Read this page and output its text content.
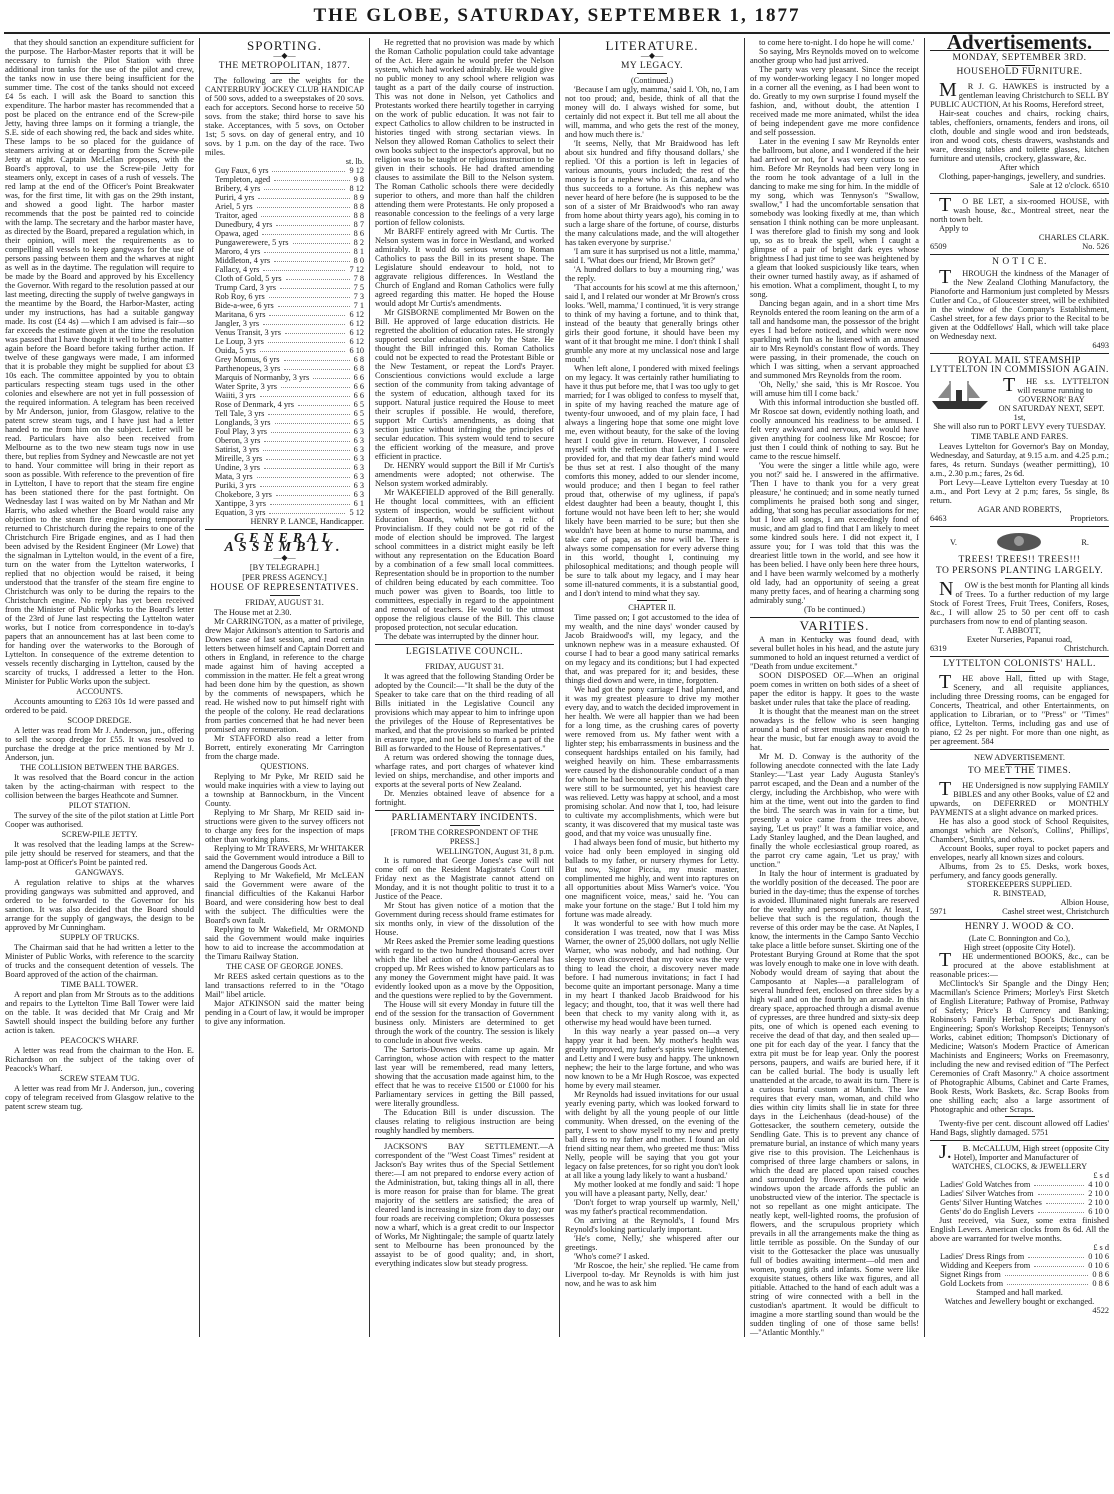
THE GLOBE, SATURDAY, SEPTEMBER 1, 1877
that they should sanction an expenditure sufficient for the purpose. The Harbor-Master reports that it will be necessary to furnish the Pilot Station with three additional iron tanks for the use of the pilot and crew, the tanks now in use there being insufficient for the summer time. The cost of the tanks should not exceed £4 5s each. I will ask the Board to sanction this expenditure. The harbor master has recommended that a post be placed on the entrance end of the Screw-pile Jetty, having three lamps on it forming a triangle, the S.E. side of each showing red, the back and sides white. These lamps to be so placed for the guidance of steamers arriving at or departing from the Screw-pile Jetty at night. Captain McLellan proposes, with the Board's approval, to use the Screw-pile Jetty for steamers only, except in cases of a rush of vessels. The red lamp at the end of the Officer's Point Breakwater was, for the first time, lit with gas on the 29th instant, and showed a good light. The harbor master recommends that the post be painted red to coincide with the lamp. The secretary and the harbor master have, as directed by the Board, prepared a regulation which, in their opinion, will meet the requirements as to compelling all vessels to keep gangways for the use of persons passing between them and the wharves at night as well as in the daytime. The regulation will require to be made by the Board and approved by his Excellency the Governor. With regard to the resolution passed at our last meeting, directing the supply of twelve gangways in the meantime by the Board, the Harbor-Master, acting under my instructions, has had a suitable gangway made. Its cost (£4 4s) —which I am advised is fair—so far exceeds the estimate given at the time the resolution was passed that I have thought it well to bring the matter again before the Board before taking further action. If twelve of these gangways were made, I am informed that it is probable they might be supplied for about £3 10s each. The committee appointed by you to obtain particulars respecting steam tugs used in the other colonies and elsewhere are not yet in full possession of the required information. A telegram has been received by Mr Anderson, junior, from Glasgow, relative to the patent screw steam tugs, and I have just had a letter handed to me from him on the subject. Letter will be read. Particulars have also been received from Melbourne as to the two new steam tugs now in use there, but replies from Sydney and Newcastle are not yet to hand. Your committee will bring in their report as soon as possible. With reference to the prevention of fire in Lyttelton, I have to report that the steam fire engine has been stationed there for the past fortnight. On Wednesday last I was waited on by Mr Nathan and Mr Harris, who asked whether the Board would raise any objection to the steam fire engine being temporarily returned to Christchurch during the repairs to one of the Christchurch Fire Brigade engines, and as I had then been advised by the Resident Engineer (Mr Lowe) that the signalman in Lyttelton would, in the event of a fire, turn on the water from the Lyttelton waterworks, I replied that no objection would be raised, it being understood that the transfer of the steam fire engine to Christchurch was only to be during the repairs to the Christchurch engine. No reply has yet been received from the Minister of Public Works to the Board's letter of the 23rd of June last respecting the Lyttelton water works, but I notice from correspondence in to-day's papers that an announcement has at last been come to for handing over the waterworks to the Borough of Lyttelton. In consequence of the extreme detention to vessels recently discharging in Lyttelton, caused by the scarcity of trucks, I addressed a letter to the Hon. Minister for Public Works upon the subject.
ACCOUNTS.
Accounts amounting to £263 10s 1d were passed and ordered to be paid.
SCOOP DREDGE.
A letter was read from Mr J. Anderson, jun., offering to sell the scoop dredge for £55. It was resolved to purchase the dredge at the price mentioned by Mr J. Anderson, jun.
THE COLLISION BETWEEN THE BARGES.
It was resolved that the Board concur in the action taken by the acting-chairman with respect to the collision between the barges Heathcote and Sumner.
PILOT STATION.
The survey of the site of the pilot station at Little Port Cooper was authorised.
SCREW-PILE JETTY.
It was resolved that the leading lamps at the Screw-pile jetty should be reserved for steamers, and that the lamp-post at Officer's Point be painted red.
GANGWAYS.
A regulation relative to ships at the wharves providing gangways was submitted and approved, and ordered to be forwarded to the Governor for his sanction. It was also decided that the Board should arrange for the supply of gangways, the design to be approved by Mr Cunningham.
SUPPLY OF TRUCKS.
The Chairman said that he had written a letter to the Minister of Public Works, with reference to the scarcity of trucks and the consequent detention of vessels. The Board approved of the action of the chairman.
TIME BALL TOWER.
A report and plan from Mr Strouts as to the additions and repairs to the Lyttelton Time Ball Tower were laid on the table. It was decided that Mr Craig and Mr Sawtell should inspect the building before any further action is taken.
PEACOCK'S WHARF.
A letter was read from the chairman to the Hon. E. Richardson on the subject of the taking over of Peacock's Wharf.
SCREW STEAM TUG.
A letter was read from Mr J. Anderson, jun., covering copy of telegram received from Glasgow relative to the patent screw steam tug.
SPORTING.
—◆—
THE METROPOLITAN, 1877.
The following are the weights for the CANTERBURY JOCKEY CLUB HANDICAP of 500 sovs, added to a sweepstakes of 20 sovs. each for acceptors. Second horse to receive 50 sovs. from the stake; third horse to save his stake. Acceptances, with 5 sovs, on October 1st; 5 sovs. on day of general entry, and 10 sovs. by 1 p.m. on the day of the race. Two miles.
st. lb.
Guy Faux, 6 yrs	9 12
Templeton, aged	9 8
Bribery, 4 yrs	8 12
Puriri, 4 yrs	8 9
Ariel, 5 yrs	8 8
Traitor, aged	8 8
Dunedbury, 4 yrs	8 7
Opawa, aged	8 6
Pungawerewere, 5 yrs	8 2
Maroro, 4 yrs	8 1
Middleton, 4 yrs	8 0
Fallacy, 4 yrs	7 12
Cloth of Gold, 5 yrs	7 8
Trump Card, 3 yrs	7 5
Rob Roy, 6 yrs	7 3
Bide-a-wee, 6 yrs	7 1
Maritana, 6 yrs	6 12
Jangler, 3 yrs	6 12
Venus Transit, 3 yrs	6 12
Le Loup, 3 yrs	6 12
Ouida, 5 yrs	6 10
Grey Momus, 6 yrs	6 8
Parthenopeus, 3 yrs	6 8
Marquis of Normanby, 3 yrs	6 6
Water Sprite, 3 yrs	6 6
Waiiti, 3 yrs	6 6
Rose of Denmark, 4 yrs	6 5
Tell Tale, 3 yrs	6 5
Longlands, 3 yrs	6 5
Foul Play, 3 yrs	6 3
Oberon, 3 yrs	6 3
Satirist, 3 yrs	6 3
Mireille, 3 yrs	6 3
Undine, 3 yrs	6 3
Mata, 3 yrs	6 3
Puriki, 3 yrs	6 3
Chokebore, 3 yrs	6 3
Xantippe, 3 yrs	6 1
Equation, 3 yrs	5 12
HENRY P. LANCE, Handicapper.
GENERAL ASSEMBLY.
—◆—
[BY TELEGRAPH.]
[PER PRESS AGENCY.]
HOUSE OF REPRESENTATIVES.
FRIDAY, AUGUST 31.
The House met at 2.30.
Mr CARRINGTON, as a matter of privilege, drew Major Atkinson's attention to Sartoris and Downes case of last session, and read certain letters between himself and Captain Dorrett and others in England, in reference to the charge made against him of having accepted a commission in the matter. He felt a great wrong had been done him by the question, as shown by the comments of newspapers, which he read. He wished now to put himself right with the people of the colony. He read declarations from parties concerned that he had never been promised any remuneration.
Mr STAFFORD also read a letter from Borrett, entirely exonerating Mr Carrington from the charge made.
QUESTIONS.
Replying to Mr Pyke, Mr REID said he would make inquiries with a view to laying out a township at Bannockburn, in the Vincent County.
Replying to Mr Sharp, Mr REID said in-structions were given to the survey officers not to charge any fees for the inspection of maps other than working plans.
Replying to Mr TRAVERS, Mr WHITAKER said the Government would introduce a Bill to amend the Dangerous Goods Act.
Replying to Mr Wakefield, Mr McLEAN said the Government were aware of the financial difficulties of the Kakanui Harbor Board, and were considering how best to deal with the subject. The difficulties were the Board's own fault.
Replying to Mr Wakefield, Mr ORMOND said the Government would make inquiries how to aid to increase the accommodation at the Timaru Railway Station.
THE CASE OF GEORGE JONES.
Mr REES asked certain questions as to the land transactions referred to in the "Otago Mail" libel article.
Major ATKINSON said the matter being pending in a Court of law, it would be improper to give any information.
He regretted that no provision was made by which the Roman Catholic population could take advantage of the Act. Here again he would prefer the Nelson system, which had worked admirably. He would give no public money to any school where religion was taught as a part of the daily course of instruction. This was not done in Nelson, yet Catholics and Protestants worked there heartily together in carrying on the work of public education. It was not fair to expect Catholics to allow children to be instructed in histories tinged with strong sectarian views. In Nelson they allowed Roman Catholics to select their own books subject to the inspector's approval, but no religion was to be taught or religious instruction to be given in their schools. He had drafted amending clauses to assimilate the Bill to the Nelson system. The Roman Catholic schools there were decidedly superior to others, and more than half the children attending them were Protestants. He only proposed a reasonable concession to the feelings of a very large portion of fellow colonists.
Mr BARFF entirely agreed with Mr Curtis. The Nelson system was in force in Westland, and worked admirably. It would do serious wrong to Roman Catholics to pass the Bill in its present shape. The Legislature should endeavour to hold, not to aggravate religious differences. In Westland the Church of England and Roman Catholics were fully agreed regarding this matter. He hoped the House would adopt Mr Curtis's amendments.
Mr GISBORNE complimented Mr Bowen on the Bill. He approved of large education districts. He regretted the abolition of education rates. He strongly supported secular education only by the State. He thought the Bill infringed this. Roman Catholics could not be expected to read the Protestant Bible or the New Testament, or repeat the Lord's Prayer. Conscientious convictions would exclude a large section of the community from taking advantage of the system of education, although taxed for its support. Natural justice required the House to meet their scruples if possible. He would, therefore, support Mr Curtis's amendments, as doing that section justice without infringing the principles of secular education. This system would tend to secure the efficient working of the measure, and prove efficient in practice.
Dr. HENRY would support the Bill if Mr Curtis's amendments were adopted; not otherwise. The Nelson system worked admirably.
Mr WAKEFIELD approved of the Bill generally. He thought local committees, with an efficient system of inspection, would be sufficient without Education Boards, which were a relic of Provincialism. If they could not be got rid of the mode of election should be improved. The largest school committees in a district might easily be left without any representation on the Education Board by a combination of a few small local committees. Representation should be in proportion to the number of children being educated by each committee. Too much power was given to Boards, too little to committees, especially in regard to the appointment and removal of teachers. He would to the utmost oppose the religious clause of the Bill. This clause proposed protection, not secular education.
The debate was interrupted by the dinner hour.
LEGISLATIVE COUNCIL.
FRIDAY, AUGUST 31.
It was agreed that the following Standing Order be adopted by the Council:—"It shall be the duty of the Speaker to take care that on the third reading of all Bills initiated in the Legislative Council any provisions which may appear to him to infringe upon the privileges of the House of Representatives be marked, and that the provisions so marked be printed in erasure type, and not be held to form a part of the Bill as forwarded to the House of Representatives."
A return was ordered showing the tonnage dues, wharfage rates, and port charges of whatever kind levied on ships, merchandise, and other imports and exports at the several ports of New Zealand.
Dr. Menzies obtained leave of absence for a fortnight.
PARLIAMENTARY INCIDENTS.
[FROM THE CORRESPONDENT OF THE PRESS.]
WELLINGTON, August 31, 8 p.m.
It is rumored that George Jones's case will not come off on the Resident Magistrate's Court till Friday next as the Magistrate cannot attend on Monday, and it is not thought politic to trust it to a Justice of the Peace.
Mr Stout has given notice of a motion that the Government during recess should frame estimates for six months only, in view of the dissolution of the House.
Mr Rees asked the Premier some leading questions with regard to the two hundred thousand acres over which the libel action of the Attorney-General has cropped up. Mr Rees wished to know particulars as to any money the Government might have paid. It was evidently looked upon as a move by the Opposition, and the questions were replied to by the Government.
The House will sit every Monday in future till the end of the session for the transaction of Government business only. Ministers are determined to get through the work of the country. The session is likely to conclude in about five weeks.
The Sartoris-Downes claim came up again. Mr Carrington, whose action with respect to the matter last year will be remembered, read many letters, showing that the accusation made against him, to the effect that he was to receive £1500 or £1000 for his Parliamentary services in getting the Bill passed, were literally groundless.
The Education Bill is under discussion. The clauses relating to religious instruction are being roughly handled by members.
JACKSON'S BAY SETTLEMENT.—A correspondent of the "West Coast Times" resident at Jackson's Bay writes thus of the Special Settlement there:—I am not prepared to endorse every action of the Administration, but, taking things all in all, there is more reason for praise than for blame. The great majority of the settlers are satisfied; the area of cleared land is increasing in size from day to day; our four roads are receiving completion; Okura possesses now a wharf, which is a great credit to our Inspector of Works, Mr Nightingale; the sample of quartz lately sent to Melbourne has been pronounced by the assayist to be of good quality; and, in short, everything indicates slow but steady progress.
LITERATURE.
—◆—
MY LEGACY.
(Continued.)
'Because I am ugly, mamma,' said I. 'Oh, no, I am not too proud; and, beside, think of all that the money will do. I always wished for some, but certainly did not expect it. But tell me all about the will, mamma, and who gets the rest of the money, and how much there is.'
'It seems, Nelly, that Mr Braidwood has left about six hundred and fifty thousand dollars,' she replied. 'Of this a portion is left in legacies of various amounts, yours included; the rest of the money is for a nephew who is in Canada, and who thus succeeds to a fortune. As this nephew was never heard of here before (he is supposed to be the son of a sister of Mr Braidwood's who ran away from home about thirty years ago), his coming in to such a large share of the fortune, of course, disturbs the many calculations made, and the will altogether has taken everyone by surprise.'
'I am sure it has surprised us not a little, mamma,' said I. 'What does our friend, Mr Brown get?'
'A hundred dollars to buy a mourning ring,' was the reply.
'That accounts for his scowl at me this afternoon,' said I, and I related our wonder at Mr Brown's cross looks. 'Well, mamma,' I continued, 'it is very strange to think of my having a fortune, and to think that, instead of the beauty that generally brings other girls their good fortune, it should have been my want of it that brought me mine. I don't think I shall grumble any more at my unclassical nose and large mouth.'
When left alone, I pondered with mixed feelings on my legacy. It was certainly rather humiliating to have it thus put before me, that I was too ugly to get married; for I was obliged to confess to myself that, in spite of my having reached the mature age of twenty-four unwooed, and of my plain face, I had always a lingering hope that some one might love me, even without beauty, for the sake of the loving heart I could give in return. However, I consoled myself with the reflection that Letty and I were provided for, and that my dear father's mind would be thus set at rest. I also thought of the many comforts this money, added to our slender income, would produce; and then I began to feel rather proud that, otherwise of my ugliness, if papa's eldest daughter had been a beauty, thought I, this fortune would not have been left to her; she would likely have been married to be sure; but then she wouldn't have been at home to nurse mamma, and take care of papa, as she now will be. There is always some compensation for every adverse thing in this world, thought I, continuing my philosophical meditations; and though people will be sure to talk about my legacy, and I may hear some ill-natured comments, it is a substantial good, and I don't intend to mind what they say.
CHAPTER II.
Time passed on; I got accustomed to the idea of my wealth, and the nine days' wonder caused by Jacob Braidwood's will, my legacy, and the unknown nephew was in a measure exhausted. Of course I had to bear a good many satirical remarks on my legacy and its conditions; but I had expected that, and was prepared for it; and besides, these things died down and were, in time, forgotten.
We had got the pony carriage I had planned, and it was my greatest pleasure to drive my mother every day, and to watch the decided improvement in her health. We were all happier than we had been for a long time, as the crushing cares of poverty were removed from us. My father went with a lighter step; his embarrassments in business and the consequent hardships entailed on his family, had weighed heavily on him. These embarrassments were caused by the dishonourable conduct of a man for whom he had become security; and though they were still to be surmounted, yet his heaviest care was relieved. Letty was happy at school, and a most promising scholar. And now that I, too, had leisure to cultivate my accomplishments, which were but scanty, it was discovered that my musical taste was good, and that my voice was unusually fine.
I had always been fond of music, but hitherto my voice had only been employed in singing old ballads to my father, or nursery rhymes for Letty. But now, Signor Piccia, my music master, complimented me highly, and went into raptures on all opportunities about Miss Warner's voice. 'You one magnificent voice, meas,' said he. 'You can make your fortune on the stage.' But I told him my fortune was made already.
It was wonderful to see with how much more consideration I was treated, now that I was Miss Warner, the owner of 25,000 dollars, not ugly Nellie Warner, who was nobody, and had nothing. Our sleepy town discovered that my voice was the very thing to lead the choir, a discovery never made before. I had numerous invitations; in fact I had become quite an important personage. Many a time in my heart I thanked Jacob Braidwood for his legacy; and thought, too, that it was well there had been that check to my vanity along with it, as otherwise my head would have been turned.
In this way nearly a year passed on—a very happy year it had been. My mother's health was greatly improved, my father's spirits were lightened, and Letty and I were busy and happy. The unknown nephew; the heir to the large fortune, and who was now known to be a Mr Hugh Roscoe, was expected home by every mail steamer.
Mr Reynolds had issued invitations for our usual yearly evening party, which was looked forward to with delight by all the young people of our little community. When dressed, on the evening of the party, I went to show myself to my new and pretty ball dress to my father and mother. I found an old friend sitting near them, who greeted me thus: 'Miss Nelly, people will be saying that you got your legacy on false pretences, for so right you don't look at all like a young lady likely to want a husband.'
My mother looked at me fondly and said: 'I hope you will have a pleasant party, Nelly, dear.'
'Don't forget to wrap yourself up warmly, Nell,' was my father's practical recommendation.
On arriving at the Reynold's, I found Mrs Reynold's looking particularly important.
'He's come, Nelly,' she whispered after our greetings.
'Who's come?' I asked.
'Mr Roscoe, the heir,' she replied. 'He came from Liverpool to-day. Mr Reynolds is with him just now, and he was to ask him
to come here to-night. I do hope he will come.'
So saying, Mrs Reynolds moved on to welcome another group who had just arrived.
The party was very pleasant. Since the receipt of my wonder-working legacy I no longer moped in a corner all the evening, as I had been wont to do. Greatly to my own surprise I found myself the fashion, and, without doubt, the attention I received made me more animated, whilst the idea of being independent gave me more confidence and self possession.
Later in the evening I saw Mr Reynolds enter the ballroom, but alone, and I wondered if the heir had arrived or not, for I was very curious to see him. Before Mr Reynolds had been very long in the room he took advantage of a lull in the dancing to make me sing for him. In the middle of my song, which was Tennyson's "Swallow, swallow," I had the uncomfortable sensation that somebody was looking fixedly at me, than which sensation I think nothing can be more unpleasant. I was therefore glad to finish my song and look up, so as to break the spell, when I caught a glimpse of a pair of bright dark eyes whose brightness I had just time to see was heightened by a gleam that looked suspiciously like tears, when their owner turned hastily away, as if ashamed of his emotion. What a compliment, thought I, to my song.
Dancing began again, and in a short time Mrs Reynolds entered the room leaning on the arm of a tall and handsome man, the possessor of the bright eyes I had before noticed, and which were now sparkling with fun as he listened with an amused air to Mrs Reynold's constant flow of words. They were passing, in their promenade, the couch on which I was sitting, when a servant approached and summoned Mrs Reynolds from the room.
'Oh, Nelly,' she said, 'this is Mr Roscoe. You will amuse him till I come back.'
With this informal introduction she bustled off. Mr Roscoe sat down, evidently nothing loath, and coolly announced his readiness to be amused. I felt very awkward and nervous, and would have given anything for coolness like Mr Roscoe; for just then I could think of nothing to say. But he came to the rescue himself.
'You were the singer a little while ago, were you not?' said he. I answered in the affirmative. 'Then I have to thank you for a very great pleasure,' he continued; and in some neatly turned compliments he praised both song and singer, adding, 'that song has peculiar associations for me; but I love all songs, I am exceedingly fond of music, and am glad to find that I am likely to meet some kindred souls here. I did not expect it, I assure you; for I was told that this was the dreariest little town in the world, and see how it has been belied. I have only been here three hours, and I have been warmly welcomed by a motherly old lady, had an opportunity of seeing a great many pretty faces, and of hearing a charming song admirably sung.'
(To be continued.)
VARITIES.
A man in Kentucky was found dead, with several bullet holes in his head, and the astute jury summoned to hold an inquest returned a verdict of "Death from undue excitement."
SOON DISPOSED OF.—When an original poem comes in written on both sides of a sheet of paper the editor is happy. It goes to the waste basket under rules that take the place of reading.
It is thought that the meanest man on the street nowadays is the fellow who is seen hanging around a band of street musicians near enough to hear the music, but far enough away to avoid the hat.
Mr M. D. Conway is the authority of the following anecdote connected with the late Lady Stanley:—"Last year Lady Augusta Stanley's parrot escaped, and the Dean and a number of the clergy, including the Archbishop, who were with him at the time, went out into the garden to find the bird. The search was in vain for a time, but presently a voice came from the trees above, saying, 'Let us pray!' It was a familiar voice, and Lady Stanley laughed, and the Dean laughed, and finally the whole ecclesiastical group roared, as the parrot cry came again, 'Let us pray,' with unction."
In Italy the hour of interment is graduated by the worldly position of the deceased. The poor are buried in the day-time; thus the expense of torches is avoided. Illuminated night funerals are reserved for the wealthy and persons of rank. At least, I believe that such is the regulation, though the reverse of this order may be the case. At Naples, I know, the interments in the Campo Santo Vecchio take place a little before sunset. Skirting one of the Protestant Burying Ground at Rome that the spot was lovely enough to make one in love with death. Nobody would dream of saying that about the Camposanto at Naples—a parallelogram of several hundred feet, enclosed on three sides by a high wall and on the fourth by an arcade. In this dreary space, approached through a dismal avenue of cypresses, are three hundred and sixty-six deep pits, one of which is opened each evening to receive the dead of that day, and then sealed up—one pit for each day of the year. I fancy that the extra pit must be for leap year. Only the poorest persons, paupers, and waifs are buried here, if it can be called burial. The body is usually left unattended at the arcade, to await its turn. There is a curious burial custom at Munich. The law requires that every man, woman, and child who dies within city limits shall lie in state for three days in the Leichenhaus (dead-house) of the Gottesacker, the southern cemetery, outside the Sendling Gate. This is to prevent any chance of premature burial, an instance of which many years give rise to this provision. The Leichenhaus is comprised of three large chambers or salons, in which the dead are placed upon raised couches and surrounded by flowers. A series of wide windows upon the arcade affords the public an unobstructed view of the interior. The spectacle is not so repellant as one might anticipate. The neatly kept, well-lighted rooms, the profusion of flowers, and the scrupulous propriety which prevails in all the arrangements make the thing as little terrible as possible. On the Sunday of our visit to the Gottesacker the place was unusually full of bodies awaiting interment—old men and women, young girls and infants. Some were like exquisite statues, others like wax figures, and all pitiable. Attached to the hand of each adult was a string of wire connected with a bell in the custodian's apartment. It would be difficult to imagine a more startling sound than would be the sudden tingling of one of those same bells!—"Atlantic Monthly."
Advertisements.
MONDAY, SEPTEMBER 3RD.
HOUSEHOLD FURNITURE.
MR J. G. HAWKES is instructed by a gentleman leaving Christchurch to SELL BY PUBLIC AUCTION, At his Rooms, Hereford street,
Hair-seat couches and chairs, rocking chairs, tables, cheffoniers, ornaments, fenders and irons, oil cloth, double and single wood and iron bedsteads, iron and wood cots, chests drawers, washstands and ware, dressing tables and toilette glasses, kitchen furniture and utensils, crockery, glassware, &c.
After which
Clothing, paper-hangings, jewellery, and sundries.
Sale at 12 o'clock. 6510
TO BE LET, a six-roomed HOUSE, with wash house, &c., Montreal street, near the north town belt.
Apply to
CHARLES CLARK.
6509	No. 526
N O T I C E.
THROUGH the kindness of the Manager of the New Zealand Clothing Manufactory, the Pianoforte and Harmonium just completed by Messrs Cutler and Co., of Gloucester street, will be exhibited in the window of the Company's Establishment, Cashel street, for a few days prior to the Recital to be given at the Oddfellows' Hall, which will take place on Wednesday next.
6493
ROYAL MAIL STEAMSHIP LYTTELTON IN COMMISSION AGAIN.
THE s.s. LYTTELTON will resume running to
GOVERNOR' BAY
ON SATURDAY NEXT, SEPT. 1st,
She will also run to PORT LEVY every TUESDAY.
TIME TABLE AND FARES.
Leaves Lyttelton for Governor's Bay on Monday, Wednesday, and Saturday, at 9.15 a.m. and 4.25 p.m.; fares, 4s return. Sundays (weather permitting), 10 a.m., 2.30 p.m.; fares, 2s 6d.
Port Levy—Leave Lyttelton every Tuesday at 10 a.m., and Port Levy at 2 p.m; fares, 5s single, 8s return.
AGAR AND ROBERTS,
6463	Proprietors.
V.	R.
TREES! TREES!! TREES!!!
TO PERSONS PLANTING LARGELY.
NOW is the best month for Planting all kinds of Trees. To a further reduction of my large Stock of Forest Trees, Fruit Trees, Conifers, Roses, &c., I will allow 25 to 50 per cent off to cash purchasers from now to end of planting season.
T. ABBOTT,
Exeter Nurseries, Papanui road,
6319	Christchurch.
LYTTELTON COLONISTS' HALL.
THE above Hall, fitted up with Stage, Scenery, and all requisite appliances, including three Dressing rooms, can be engaged for Concerts, Theatrical, and other Entertainments, on application to Librarian, or to "Press" or "Times" office, Lyttelton. Terms, including gas and use of piano, £2 2s per night. For more than one night, as per agreement. 584
NEW ADVERTISEMENT.
TO MEET THE TIMES.
THE Undersigned is now supplying FAMILY BIBLES and any other Books, value of £2 and upwards, on DEFERRED or MONTHLY PAYMENTS at a slight advance on marked prices.
He has also a good stock of School Requisites, amongst which are Nelson's, Collins', Phillips', Chambers', Smith's, and others.
Account Books, super royal to pocket papers and envelopes, nearly all known sizes and colours.
Albums, from 2s to £5. Desks, work boxes, perfumery, and fancy goods generally.
STOREKEEPERS SUPPLIED.
R. BINSTEAD,
Albion House,
5971	Cashel street west, Christchurch
HENRY J. WOOD & CO.
(Late C. Bonnington and Co.),
High street (opposite City Hotel).
THE undermentioned BOOKS, &c., can be procured at the above establishment at reasonable prices:—
McClintock's Sir Spangle and the Dingy Hen; Macmillan's Science Primers; Morley's First Sketch of English Literature; Pathway of Promise, Pathway of Safety; Price's B Currency and Banking; Robinson's Family Herbal; Spon's Dictionary of Engineering; Spon's Workshop Receipts; Tennyson's Works, cabinet edition; Thompson's Dictionary of Medicine; Watson's Modern Practice of American Machinists and Engineers; Works on Freemasonry, including the new and revised edition of "The Perfect Ceremonies of Craft Masonry." A choice assortment of Photographic Albums, Cabinet and Carte Frames, Book Rests, Work Baskets, &c. Scrap Books from one shilling each; also a large assortment of Photographic and other Scraps.
Twenty-five per cent. discount allowed off Ladies' Hand Bags, slightly damaged. 5751
J.B. McCALLUM, High street (opposite City Hotel), Importer and Manufacturer of
WATCHES, CLOCKS, & JEWELLERY
£ s d
Ladies' Gold Watches from	4 10 0
Ladies' Silver Watches from	2 10 0
Gents' Silver Hunting Watches	2 10 0
Gents' do do English Levers	6 10 0
Just received, via Suez, some extra finished English Levers. American clocks from 8s 6d. All the above are warranted for twelve months.
£ s d
Ladies' Dress Rings from	0 10 6
Widding and Keepers from	0 10 6
Signet Rings from	0 8 6
Gold Lockets from	0 8 6
Stamped and hall marked.
Watches and Jewellery bought or exchanged.
4522
